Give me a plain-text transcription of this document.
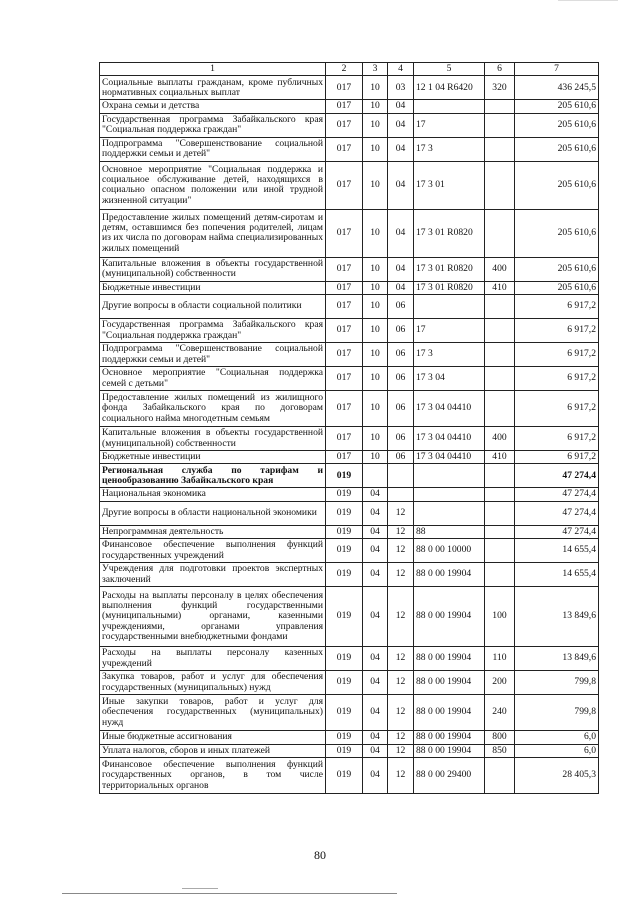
1	2	3	4	5	6	7
Социальные выплаты гражданам, кроме публичных нормативных социальных выплат	017	10	03	12 1 04 R6420	320	436 245,5
Охрана семьи и детства	017	10	04			205 610,6
Государственная программа Забайкальского края "Социальная поддержка граждан"	017	10	04	17		205 610,6
Подпрограмма "Совершенствование социальной поддержки семьи и детей"	017	10	04	17 3		205 610,6
Основное мероприятие "Социальная поддержка и социальное обслуживание детей, находящихся в социально опасном положении или иной трудной жизненной ситуации"	017	10	04	17 3 01		205 610,6
Предоставление жилых помещений детям-сиротам и детям, оставшимся без попечения родителей, лицам из их числа по договорам найма специализированных жилых помещений	017	10	04	17 3 01 R0820		205 610,6
Капитальные вложения в объекты государственной (муниципальной) собственности	017	10	04	17 3 01 R0820	400	205 610,6
Бюджетные инвестиции	017	10	04	17 3 01 R0820	410	205 610,6
Другие вопросы в области социальной политики	017	10	06			6 917,2
Государственная программа Забайкальского края "Социальная поддержка граждан"	017	10	06	17		6 917,2
Подпрограмма "Совершенствование социальной поддержки семьи и детей"	017	10	06	17 3		6 917,2
Основное мероприятие "Социальная поддержка семей с детьми"	017	10	06	17 3 04		6 917,2
Предоставление жилых помещений из жилищного фонда Забайкальского края по договорам социального найма многодетным семьям	017	10	06	17 3 04 04410		6 917,2
Капитальные вложения в объекты государственной (муниципальной) собственности	017	10	06	17 3 04 04410	400	6 917,2
Бюджетные инвестиции	017	10	06	17 3 04 04410	410	6 917,2
Региональная служба по тарифам и ценообразованию Забайкальского края	019					47 274,4
Национальная экономика	019	04				47 274,4
Другие вопросы в области национальной экономики	019	04	12			47 274,4
Непрограммная деятельность	019	04	12	88		47 274,4
Финансовое обеспечение выполнения функций государственных учреждений	019	04	12	88 0 00 10000		14 655,4
Учреждения для подготовки проектов экспертных заключений	019	04	12	88 0 00 19904		14 655,4
Расходы на выплаты персоналу в целях обеспечения выполнения функций государственными (муниципальными) органами, казенными учреждениями, органами управления государственными внебюджетными фондами	019	04	12	88 0 00 19904	100	13 849,6
Расходы на выплаты персоналу казенных учреждений	019	04	12	88 0 00 19904	110	13 849,6
Закупка товаров, работ и услуг для обеспечения государственных (муниципальных) нужд	019	04	12	88 0 00 19904	200	799,8
Иные закупки товаров, работ и услуг для обеспечения государственных (муниципальных) нужд	019	04	12	88 0 00 19904	240	799,8
Иные бюджетные ассигнования	019	04	12	88 0 00 19904	800	6,0
Уплата налогов, сборов и иных платежей	019	04	12	88 0 00 19904	850	6,0
Финансовое обеспечение выполнения функций государственных органов, в том числе территориальных органов	019	04	12	88 0 00 29400		28 405,3
80
